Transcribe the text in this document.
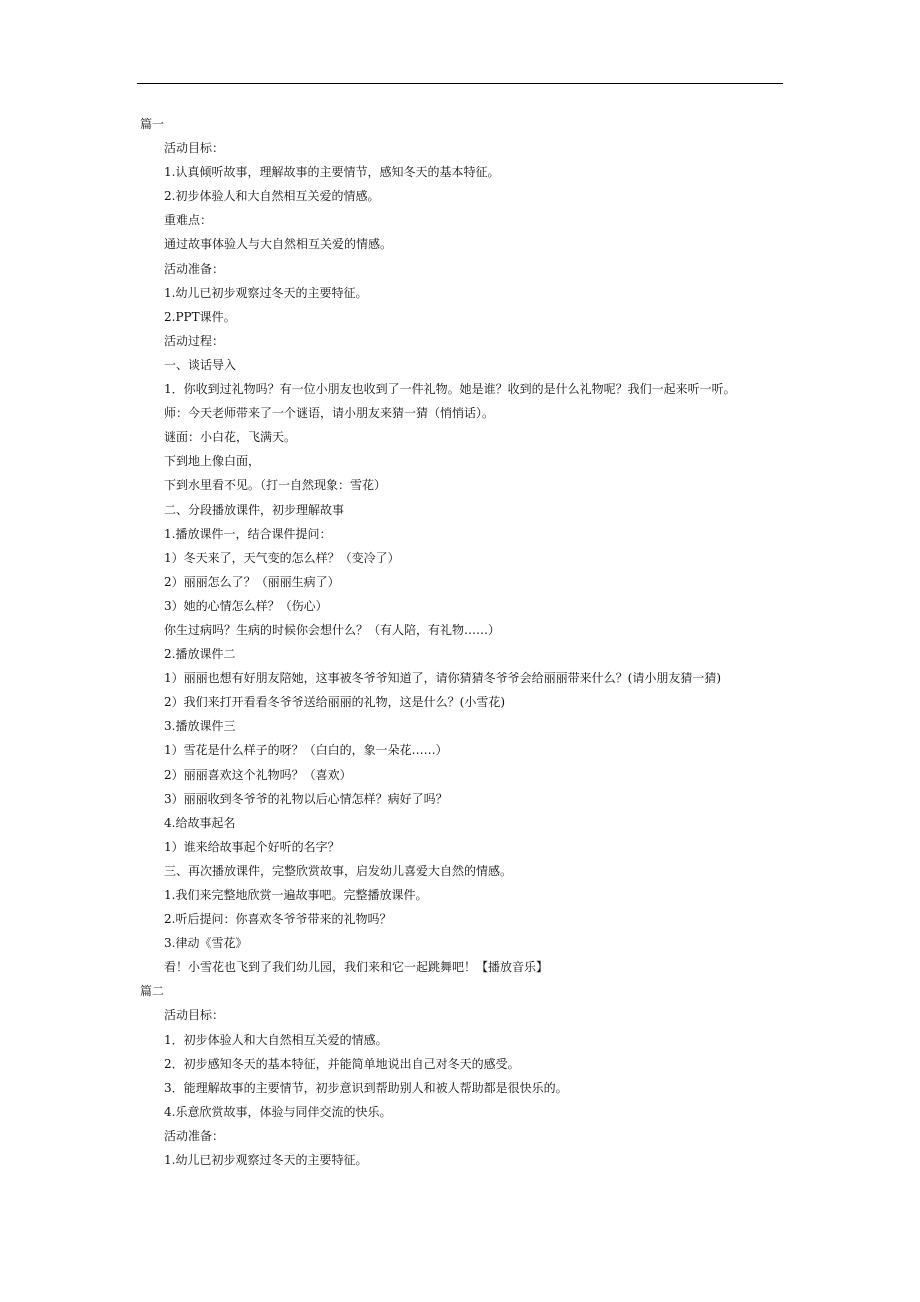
篇一
活动目标：
1.认真倾听故事，理解故事的主要情节，感知冬天的基本特征。
2.初步体验人和大自然相互关爱的情感。
重难点：
通过故事体验人与大自然相互关爱的情感。
活动准备：
1.幼儿已初步观察过冬天的主要特征。
2.PPT课件。
活动过程：
一、谈话导入
1．你收到过礼物吗？有一位小朋友也收到了一件礼物。她是谁？收到的是什么礼物呢？我们一起来听一听。
师：今天老师带来了一个谜语，请小朋友来猜一猜（悄悄话）。
谜面：小白花，飞满天。
下到地上像白面，
下到水里看不见。（打一自然现象：雪花）
二、分段播放课件，初步理解故事
1.播放课件一，结合课件提问：
1）冬天来了，天气变的怎么样？（变冷了）
2）丽丽怎么了？（丽丽生病了）
3）她的心情怎么样？（伤心）
你生过病吗？生病的时候你会想什么？（有人陪，有礼物……）
2.播放课件二
1）丽丽也想有好朋友陪她，这事被冬爷爷知道了，请你猜猜冬爷爷会给丽丽带来什么？(请小朋友猜一猜)
2）我们来打开看看冬爷爷送给丽丽的礼物，这是什么？(小雪花)
3.播放课件三
1）雪花是什么样子的呀？（白白的，象一朵花……）
2）丽丽喜欢这个礼物吗？（喜欢）
3）丽丽收到冬爷爷的礼物以后心情怎样？病好了吗？
4.给故事起名
1）谁来给故事起个好听的名字？
三、再次播放课件，完整欣赏故事，启发幼儿喜爱大自然的情感。
1.我们来完整地欣赏一遍故事吧。完整播放课件。
2.听后提问：你喜欢冬爷爷带来的礼物吗？
3.律动《雪花》
看！小雪花也飞到了我们幼儿园，我们来和它一起跳舞吧！【播放音乐】
篇二
活动目标：
1．初步体验人和大自然相互关爱的情感。
2．初步感知冬天的基本特征，并能简单地说出自己对冬天的感受。
3．能理解故事的主要情节，初步意识到帮助别人和被人帮助都是很快乐的。
4.乐意欣赏故事，体验与同伴交流的快乐。
活动准备：
1.幼儿已初步观察过冬天的主要特征。
